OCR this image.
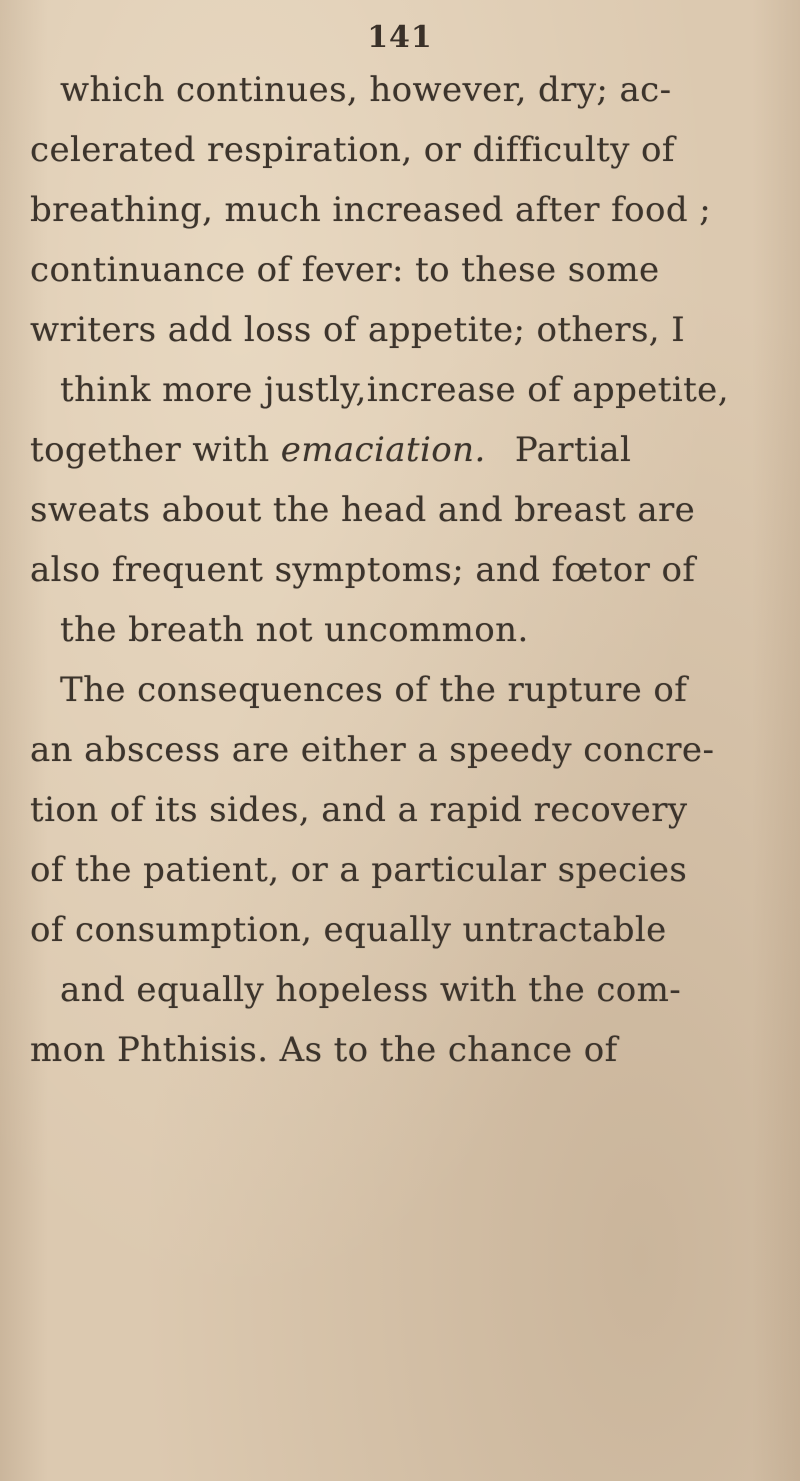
141
which continues, however, dry; ac-
celerated respiration, or difficulty of
breathing, much increased after food ;
continuance of fever: to these some
writers add loss of appetite; others, I
think more justly,increase of appetite,
together with emaciation. Partial
sweats about the head and breast are
also frequent symptoms; and fœtor of
the breath not uncommon.
The consequences of the rupture of
an abscess are either a speedy concre-
tion of its sides, and a rapid recovery
of the patient, or a particular species
of consumption, equally untractable
and equally hopeless with the com-
mon Phthisis. As to the chance of
